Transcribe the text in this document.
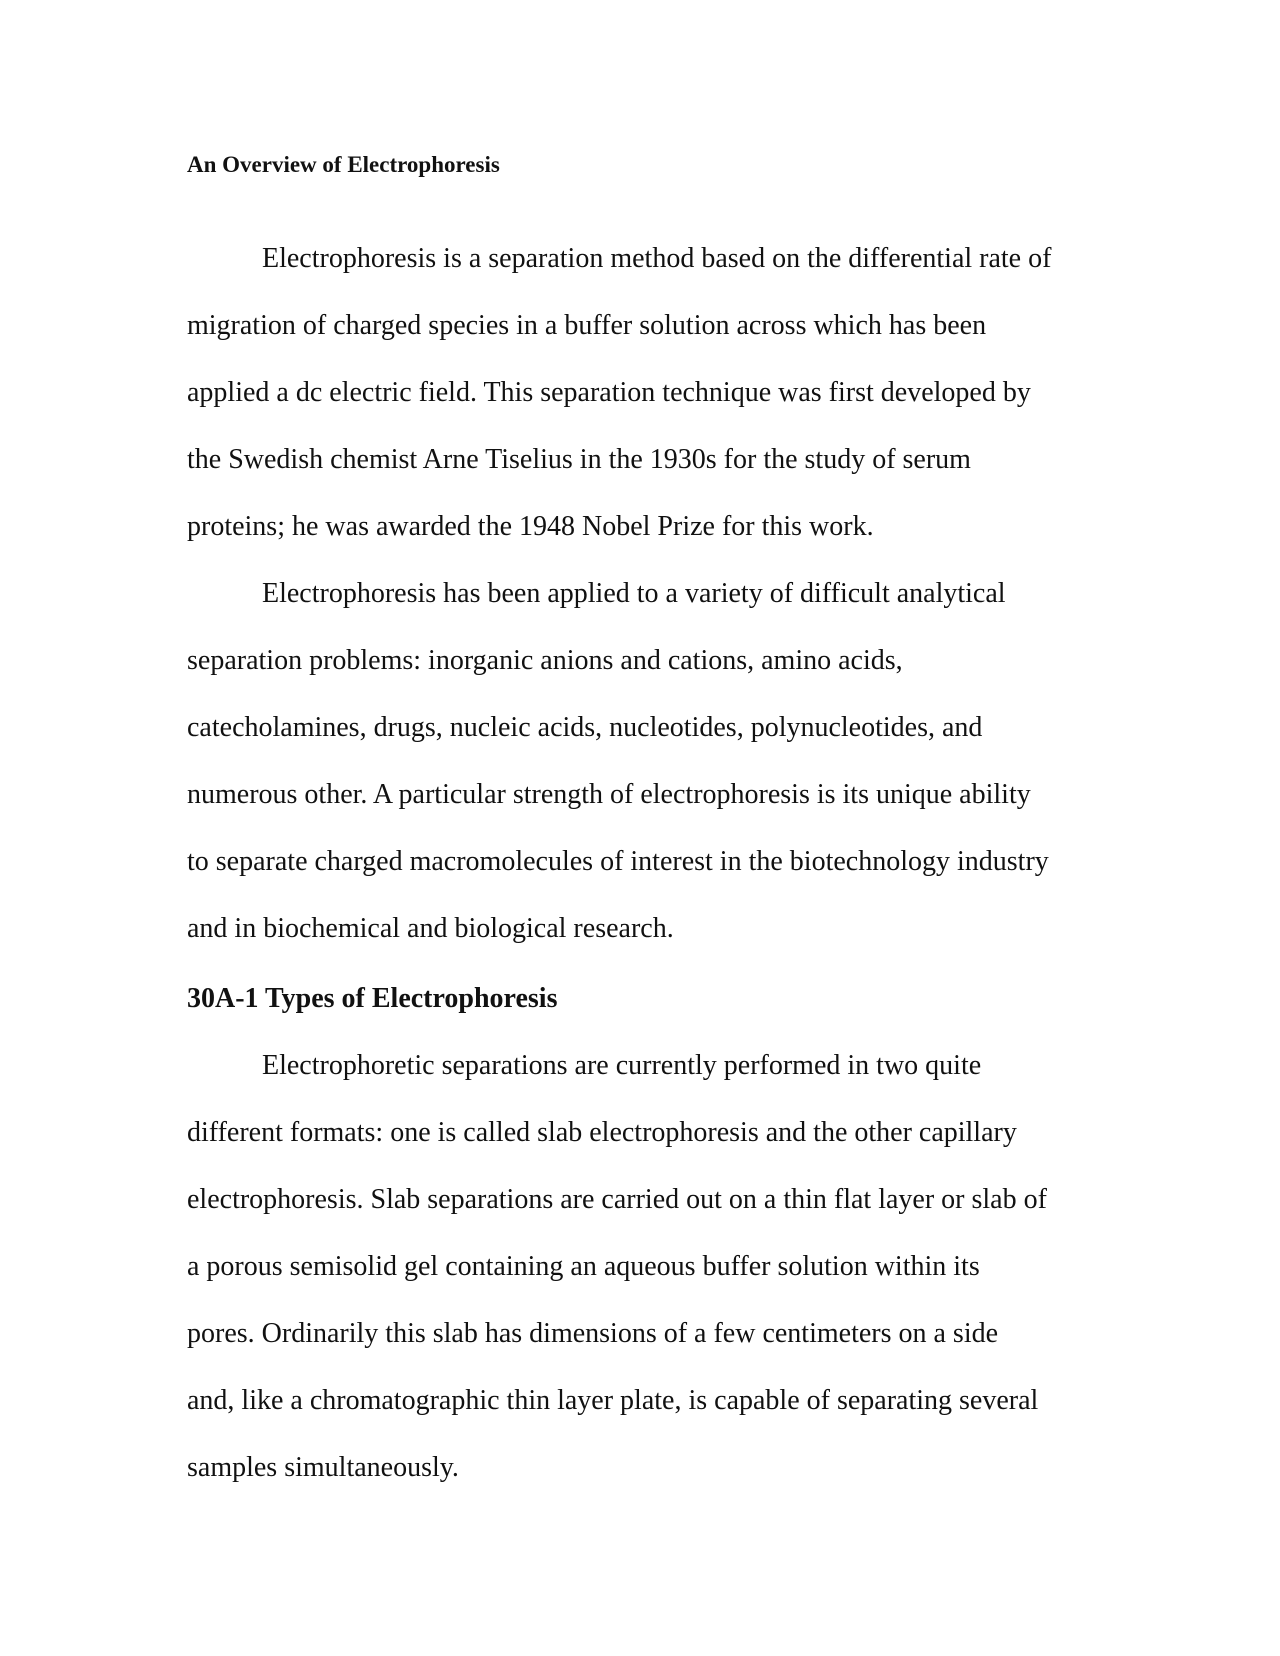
An Overview of Electrophoresis
Electrophoresis is a separation method based on the differential rate of
migration of charged species in a buffer solution across which has been
applied a dc electric field. This separation technique was first developed by
the Swedish chemist Arne Tiselius in the 1930s for the study of serum
proteins; he was awarded the 1948 Nobel Prize for this work.
Electrophoresis has been applied to a variety of difficult analytical
separation problems: inorganic anions and cations, amino acids,
catecholamines, drugs, nucleic acids, nucleotides, polynucleotides, and
numerous other. A particular strength of electrophoresis is its unique ability
to separate charged macromolecules of interest in the biotechnology industry
and in biochemical and biological research.
30A-1 Types of Electrophoresis
Electrophoretic separations are currently performed in two quite
different formats: one is called slab electrophoresis and the other capillary
electrophoresis. Slab separations are carried out on a thin flat layer or slab of
a porous semisolid gel containing an aqueous buffer solution within its
pores. Ordinarily this slab has dimensions of a few centimeters on a side
and, like a chromatographic thin layer plate, is capable of separating several
samples simultaneously.
